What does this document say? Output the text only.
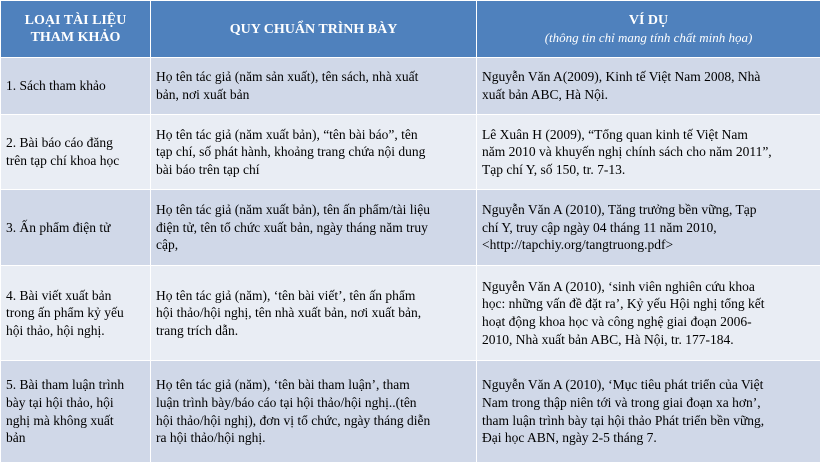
LOẠI TÀI LIỆU
THAM KHẢO	QUY CHUẨN TRÌNH BÀY	VÍ DỤ
(thông tin chỉ mang tính chất minh họa)

1. Sách tham khảo	Họ tên tác giả (năm sản xuất), tên sách, nhà xuất
bản, nơi xuất bản	Nguyễn Văn A(2009), Kinh tế Việt Nam 2008, Nhà
xuất bản ABC, Hà Nội.

2. Bài báo cáo đăng
trên tạp chí khoa học	Họ tên tác giả (năm xuất bản), “tên bài báo”, tên
tạp chí, số phát hành, khoảng trang chứa nội dung
bài báo trên tạp chí	Lê Xuân H (2009), “Tổng quan kinh tế Việt Nam
năm 2010 và khuyến nghị chính sách cho năm 2011”,
Tạp chí Y, số 150, tr. 7-13.

3. Ấn phẩm điện tử	Họ tên tác giả (năm xuất bản), tên ấn phẩm/tài liệu
điện tử, tên tổ chức xuất bản, ngày tháng năm truy
cập,	Nguyễn Văn A (2010), Tăng trưởng bền vững, Tạp
chí Y, truy cập ngày 04 tháng 11 năm 2010,
<http://tapchiy.org/tangtruong.pdf>

4. Bài viết xuất bản
trong ấn phẩm kỷ yếu
hội thảo, hội nghị.	Họ tên tác giả (năm), ‘tên bài viết’, tên ấn phẩm
hội thảo/hội nghị, tên nhà xuất bản, nơi xuất bản,
trang trích dẫn.	Nguyễn Văn A (2010), ‘sinh viên nghiên cứu khoa
học: những vấn đề đặt ra’, Kỷ yếu Hội nghị tổng kết
hoạt động khoa học và công nghệ giai đoạn 2006-
2010, Nhà xuất bản ABC, Hà Nội, tr. 177-184.

5. Bài tham luận trình
bày tại hội thảo, hội
nghị mà không xuất
bản	Họ tên tác giả (năm), ‘tên bài tham luận’, tham
luận trình bày/báo cáo tại hội thảo/hội nghị..(tên
hội thảo/hội nghị), đơn vị tổ chức, ngày tháng diễn
ra hội thảo/hội nghị.	Nguyễn Văn A (2010), ‘Mục tiêu phát triển của Việt
Nam trong thập niên tới và trong giai đoạn xa hơn’,
tham luận trình bày tại hội thảo Phát triển bền vững,
Đại học ABN, ngày 2-5 tháng 7.
